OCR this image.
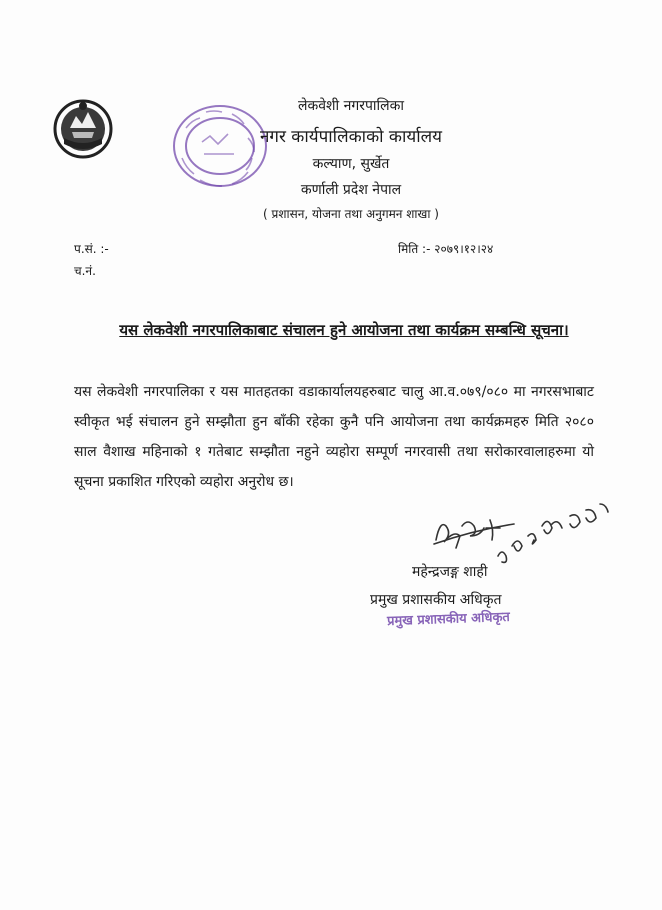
लेकवेशी नगरपालिका
नगर कार्यपालिकाको कार्यालय
कल्याण, सुर्खेत
कर्णाली प्रदेश नेपाल
( प्रशासन, योजना तथा अनुगमन शाखा )
प.सं. :-
च.नं.
मिति :- २०७९।१२।२४
यस लेकवेशी नगरपालिकाबाट संचालन हुने आयोजना तथा कार्यक्रम सम्बन्धि सूचना।
यस लेकवेशी नगरपालिका र यस मातहतका वडाकार्यालयहरुबाट चालु आ.व.०७९/०८० मा नगरसभाबाट स्वीकृत भई संचालन हुने सम्झौता हुन बाँकी रहेका कुनै पनि आयोजना तथा कार्यक्रमहरु मिति २०८० साल वैशाख महिनाको १ गतेबाट सम्झौता नहुने व्यहोरा सम्पूर्ण नगरवासी तथा सरोकारवालाहरुमा यो सूचना प्रकाशित गरिएको व्यहोरा अनुरोध छ।
महेन्द्रजङ्ग शाही
प्रमुख प्रशासकीय अधिकृत
प्रमुख प्रशासकीय अधिकृत
